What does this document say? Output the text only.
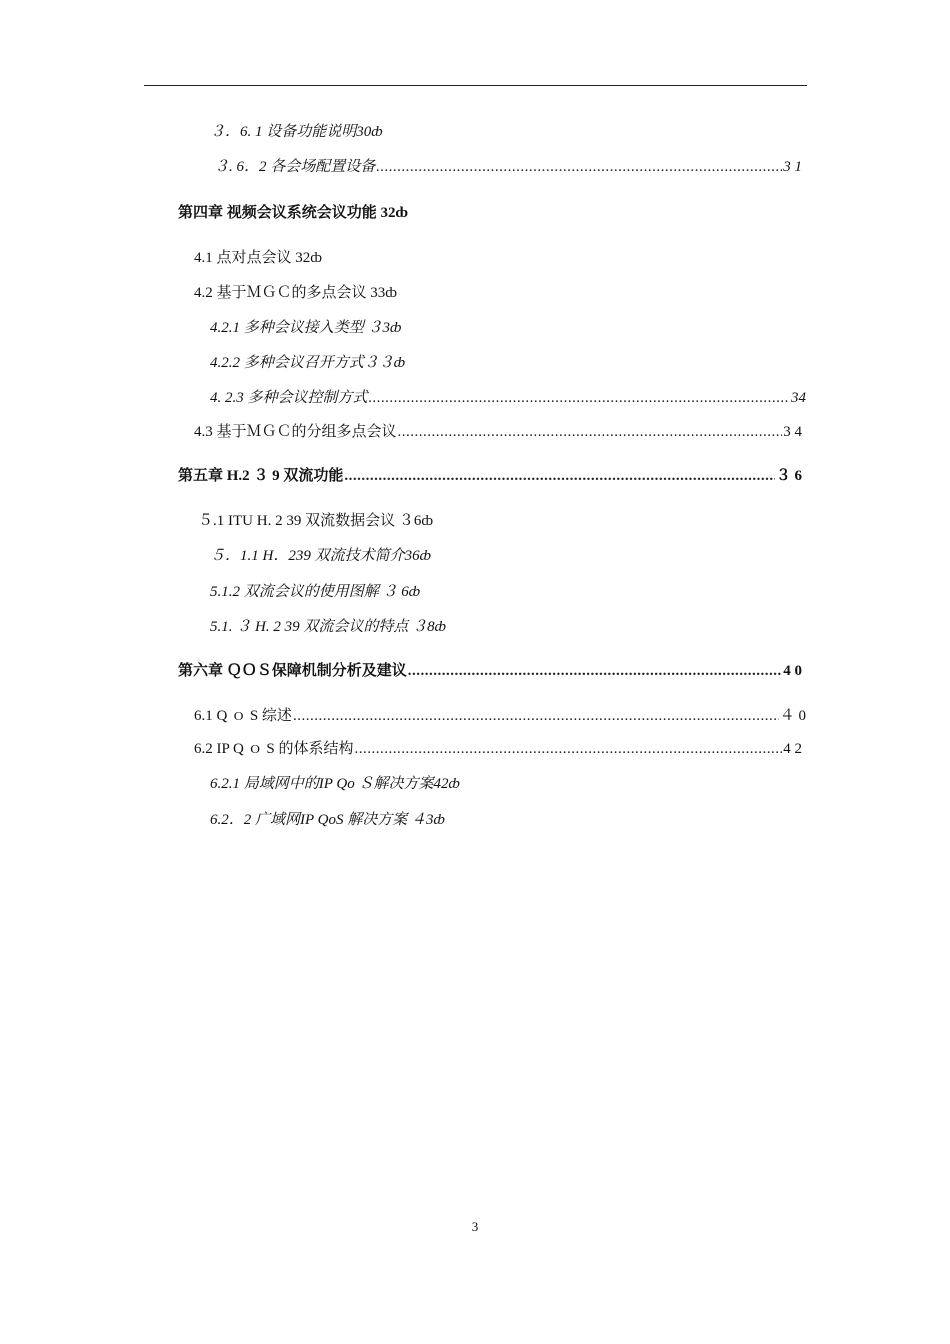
３．6. 1 设备功能说明30 ȸ
３. 6．2 各会场配置设备 .....	3 1
第四章 视频会议系统会议功能 32 ȸ
4.1 点对点会议 32 ȸ
4.2 基于ＭＧＣ的多点会议 33 ȸ
4.2.1 多种会议接入类型 ３3 ȸ
4.2.2 多种会议召开方式３３ ȸ
4. 2.3 多种会议控制方式 .....	34
4.3 基于ＭＧＣ的分组多点会议 .....	3 4
第五章 H.2 ３ 9 双流功能 .....	３ 6
５.1 ITU H. 2 39 双流数据会议 ３6 ȸ
５．1.1 H．239 双流技术简介36 ȸ
5.1.2 双流会议的使用图解 ３ 6 ȸ
5.1. ３ H. 2 39 双流会议的特点 ３8 ȸ
第六章 ＱＯＳ保障机制分析及建议 .....	4 0
6.1 Q ｏ S 综述 .....	４ 0
6.2 IP Q ｏ S 的体系结构 .....	4 2
6.2.1 局域网中的IP Qo Ｓ解决方案42 ȸ
6.2．2 广域网IP QoS 解决方案 ４3 ȸ
3
